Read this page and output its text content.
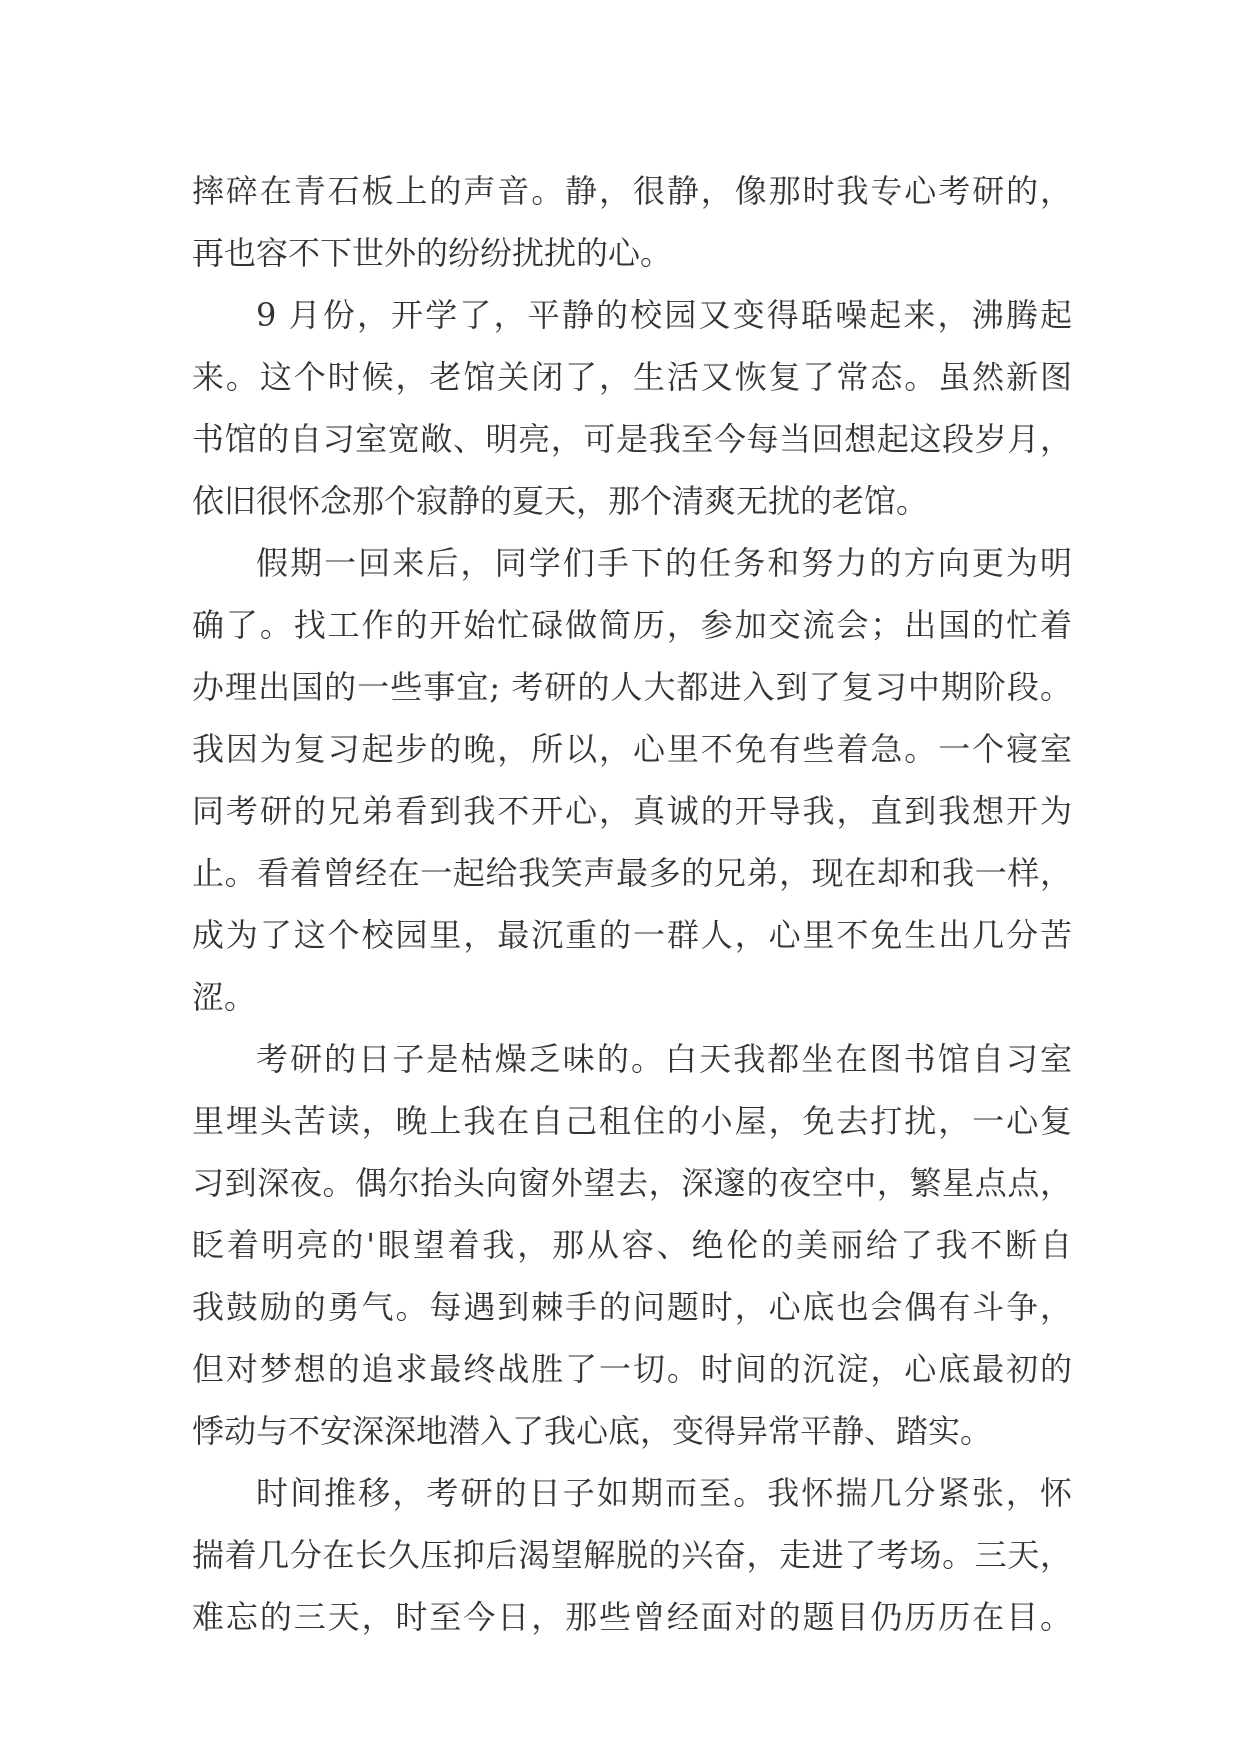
摔碎在青石板上的声音。静，很静，像那时我专心考研的，
再也容不下世外的纷纷扰扰的心。
9 月份，开学了，平静的校园又变得聒噪起来，沸腾起
来。这个时候，老馆关闭了，生活又恢复了常态。虽然新图
书馆的自习室宽敞、明亮，可是我至今每当回想起这段岁月，
依旧很怀念那个寂静的夏天，那个清爽无扰的老馆。
假期一回来后，同学们手下的任务和努力的方向更为明
确了。找工作的开始忙碌做简历，参加交流会；出国的忙着
办理出国的一些事宜; 考研的人大都进入到了复习中期阶段。
我因为复习起步的晚，所以，心里不免有些着急。一个寝室
同考研的兄弟看到我不开心，真诚的开导我，直到我想开为
止。看着曾经在一起给我笑声最多的兄弟，现在却和我一样，
成为了这个校园里，最沉重的一群人，心里不免生出几分苦
涩。
考研的日子是枯燥乏味的。白天我都坐在图书馆自习室
里埋头苦读，晚上我在自己租住的小屋，免去打扰，一心复
习到深夜。偶尔抬头向窗外望去，深邃的夜空中，繁星点点，
眨着明亮的'眼望着我，那从容、绝伦的美丽给了我不断自
我鼓励的勇气。每遇到棘手的问题时，心底也会偶有斗争，
但对梦想的追求最终战胜了一切。时间的沉淀，心底最初的
悸动与不安深深地潜入了我心底，变得异常平静、踏实。
时间推移，考研的日子如期而至。我怀揣几分紧张，怀
揣着几分在长久压抑后渴望解脱的兴奋，走进了考场。三天，
难忘的三天，时至今日，那些曾经面对的题目仍历历在目。
